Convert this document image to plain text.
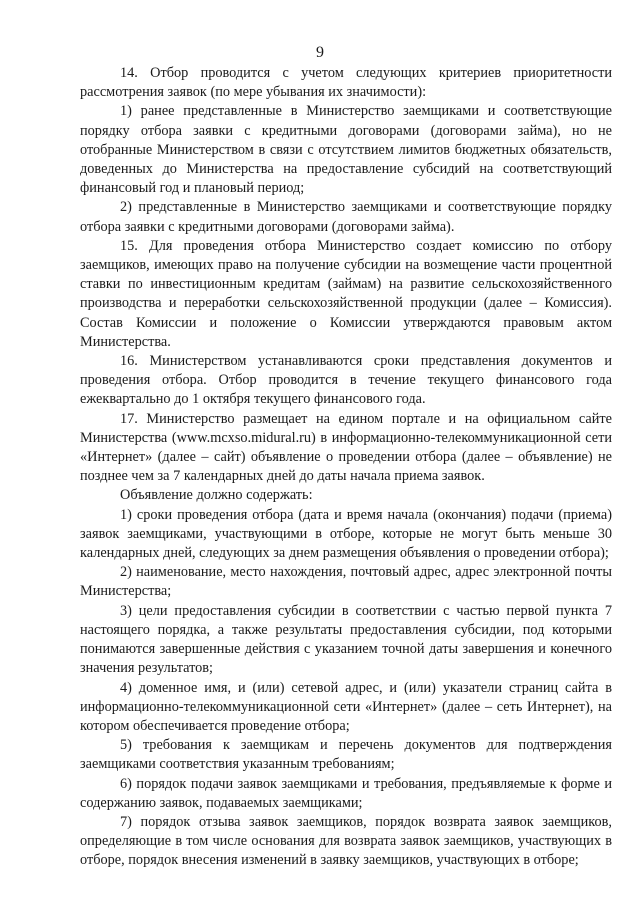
9

14. Отбор проводится с учетом следующих критериев приоритетности рассмотрения заявок (по мере убывания их значимости):

1) ранее представленные в Министерство заемщиками и соответствующие порядку отбора заявки с кредитными договорами (договорами займа), но не отобранные Министерством в связи с отсутствием лимитов бюджетных обязательств, доведенных до Министерства на предоставление субсидий на соответствующий финансовый год и плановый период;

2) представленные в Министерство заемщиками и соответствующие порядку отбора заявки с кредитными договорами (договорами займа).

15. Для проведения отбора Министерство создает комиссию по отбору заемщиков, имеющих право на получение субсидии на возмещение части процентной ставки по инвестиционным кредитам (займам) на развитие сельскохозяйственного производства и переработки сельскохозяйственной продукции (далее – Комиссия). Состав Комиссии и положение о Комиссии утверждаются правовым актом Министерства.

16. Министерством устанавливаются сроки представления документов и проведения отбора. Отбор проводится в течение текущего финансового года ежеквартально до 1 октября текущего финансового года.

17. Министерство размещает на едином портале и на официальном сайте Министерства (www.mcxso.midural.ru) в информационно-телекоммуникационной сети «Интернет» (далее – сайт) объявление о проведении отбора (далее – объявление) не позднее чем за 7 календарных дней до даты начала приема заявок.

Объявление должно содержать:

1) сроки проведения отбора (дата и время начала (окончания) подачи (приема) заявок заемщиками, участвующими в отборе, которые не могут быть меньше 30 календарных дней, следующих за днем размещения объявления о проведении отбора);

2) наименование, место нахождения, почтовый адрес, адрес электронной почты Министерства;

3) цели предоставления субсидии в соответствии с частью первой пункта 7 настоящего порядка, а также результаты предоставления субсидии, под которыми понимаются завершенные действия с указанием точной даты завершения и конечного значения результатов;

4) доменное имя, и (или) сетевой адрес, и (или) указатели страниц сайта в информационно-телекоммуникационной сети «Интернет» (далее – сеть Интернет), на котором обеспечивается проведение отбора;

5) требования к заемщикам и перечень документов для подтверждения заемщиками соответствия указанным требованиям;

6) порядок подачи заявок заемщиками и требования, предъявляемые к форме и содержанию заявок, подаваемых заемщиками;

7) порядок отзыва заявок заемщиков, порядок возврата заявок заемщиков, определяющие в том числе основания для возврата заявок заемщиков, участвующих в отборе, порядок внесения изменений в заявку заемщиков, участвующих в отборе;
